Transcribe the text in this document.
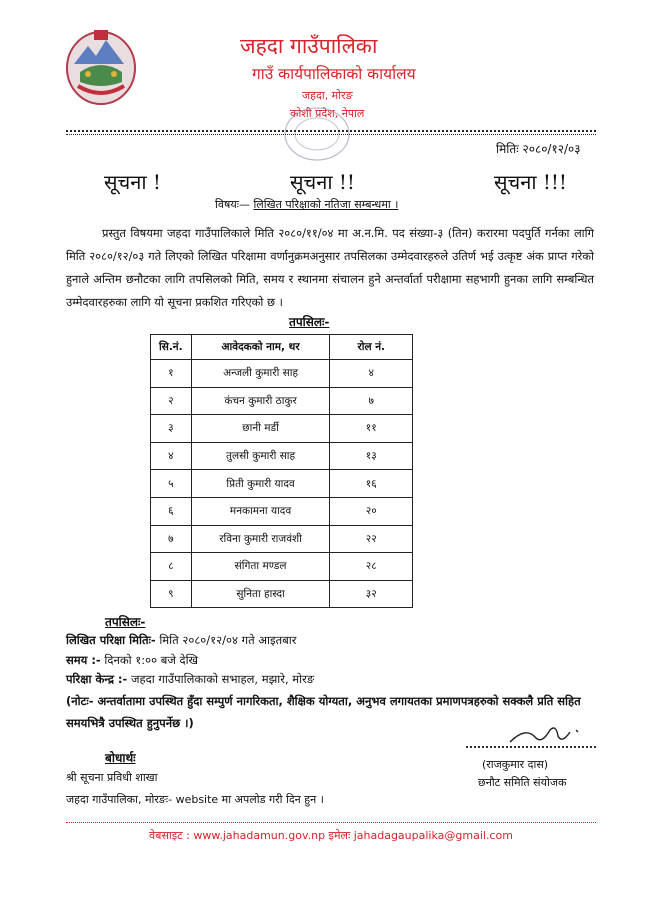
जहदा गाउँपालिका
गाउँ कार्यपालिकाको कार्यालय
जहदा, मोरङ
कोशी प्रदेश, नेपाल
मितिः २०८०/१२/०३
सूचना !	सूचना !!	सूचना !!!
विषयः— लिखित परिक्षाको नतिजा सम्बन्धमा ।
प्रस्तुत विषयमा जहदा गाउँपालिकाले मिति २०८०/११/०४ मा अ.न.मि. पद संख्या-३ (तिन) करारमा पदपुर्ति गर्नका लागि मिति २०८०/१२/०३ गते लिएको लिखित परिक्षामा वर्णानुक्रमअनुसार तपसिलका उम्मेदवारहरुले उतिर्ण भई उत्कृष्ट अंक प्राप्त गरेको हुनाले अन्तिम छनौटका लागि तपसिलको मिति, समय र स्थानमा संचालन हुने अन्तर्वार्ता परीक्षामा सहभागी हुनका लागि सम्बन्धित उम्मेदवारहरुका लागि यो सूचना प्रकशित गरिएको छ ।
तपसिलः-
सि.नं.	आवेदकको नाम, थर	रोल नं.
१	अन्जली कुमारी साह	४
२	कंचन कुमारी ठाकुर	७
३	छानी मर्डी	११
४	तुलसी कुमारी साह	१३
५	प्रिती कुमारी यादव	१६
६	मनकामना यादव	२०
७	रविना कुमारी राजवंशी	२२
८	संगिता मण्डल	२८
९	सुनिता हास्दा	३२
तपसिलः-
लिखित परिक्षा मितिः- मिति २०८०/१२/०४ गते आइतबार
समय :- दिनको १:०० बजे देखि
परिक्षा केन्द्र :- जहदा गाउँपालिकाको सभाहल, मझारे, मोरङ
(नोटः- अन्तर्वातामा उपस्थित हुँदा सम्पुर्ण नागरिकता, शैक्षिक योग्यता, अनुभव लगायतका प्रमाणपत्रहरुको सक्कलै प्रति सहित समयभित्रै उपस्थित हुनुपर्नेछ ।)
(राजकुमार दास)
छनौट समिति संयोजक
बोधार्थः
श्री सूचना प्रविधी शाखा
जहदा गाउँपालिका, मोरङः- website मा अपलोड गरी दिन हुन ।
वेबसाइट : www.jahadamun.gov.np इमेलः jahadagaupalika@gmail.com
